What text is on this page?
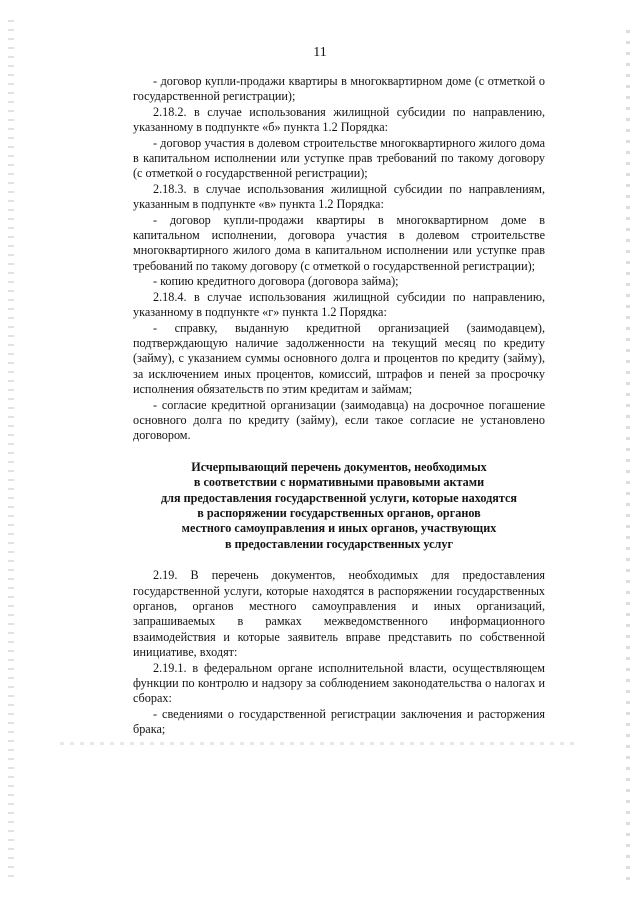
11

- договор купли-продажи квартиры в многоквартирном доме (с отметкой о государственной регистрации);

2.18.2. в случае использования жилищной субсидии по направлению, указанному в подпункте «б» пункта 1.2 Порядка:

- договор участия в долевом строительстве многоквартирного жилого дома в капитальном исполнении или уступке прав требований по такому договору (с отметкой о государственной регистрации);

2.18.3. в случае использования жилищной субсидии по направлениям, указанным в подпункте «в» пункта 1.2 Порядка:

- договор купли-продажи квартиры в многоквартирном доме в капитальном исполнении, договора участия в долевом строительстве многоквартирного жилого дома в капитальном исполнении или уступке прав требований по такому договору (с отметкой о государственной регистрации);

- копию кредитного договора (договора займа);

2.18.4. в случае использования жилищной субсидии по направлению, указанному в подпункте «г» пункта 1.2 Порядка:

- справку, выданную кредитной организацией (заимодавцем), подтверждающую наличие задолженности на текущий месяц по кредиту (займу), с указанием суммы основного долга и процентов по кредиту (займу), за исключением иных процентов, комиссий, штрафов и пеней за просрочку исполнения обязательств по этим кредитам и займам;

- согласие кредитной организации (заимодавца) на досрочное погашение основного долга по кредиту (займу), если такое согласие не установлено договором.

Исчерпывающий перечень документов, необходимых
в соответствии с нормативными правовыми актами
для предоставления государственной услуги, которые находятся
в распоряжении государственных органов, органов
местного самоуправления и иных органов, участвующих
в предоставлении государственных услуг

2.19. В перечень документов, необходимых для предоставления государственной услуги, которые находятся в распоряжении государственных органов, органов местного самоуправления и иных организаций, запрашиваемых в рамках межведомственного информационного взаимодействия и которые заявитель вправе представить по собственной инициативе, входят:

2.19.1. в федеральном органе исполнительной власти, осуществляющем функции по контролю и надзору за соблюдением законодательства о налогах и сборах:

- сведениями о государственной регистрации заключения и расторжения брака;
